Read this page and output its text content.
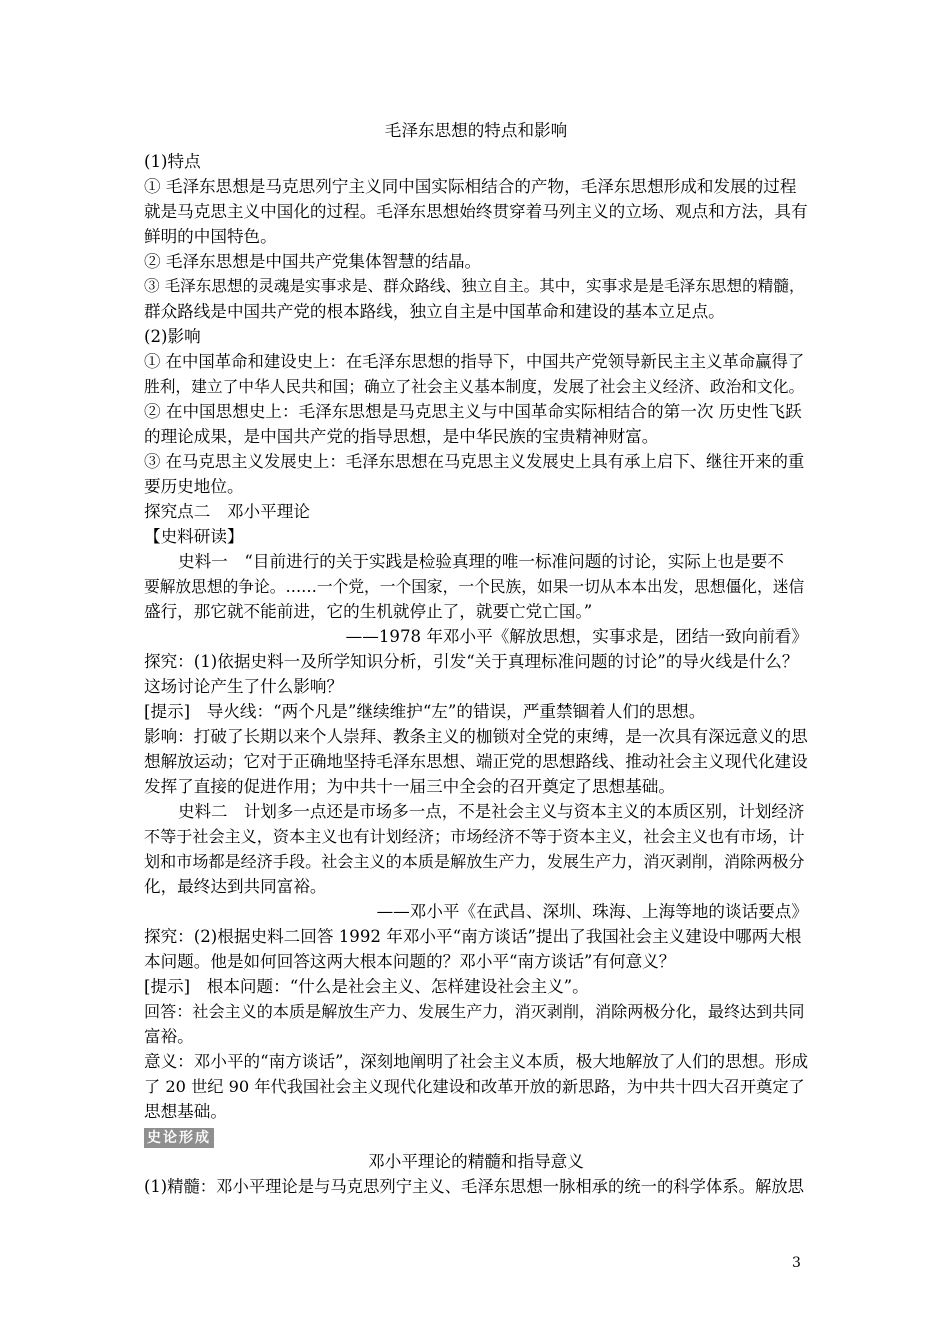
毛泽东思想的特点和影响
(1)特点
① 毛泽东思想是马克思列宁主义同中国实际相结合的产物，毛泽东思想形成和发展的过程
就是马克思主义中国化的过程。毛泽东思想始终贯穿着马列主义的立场、观点和方法，具有
鲜明的中国特色。
② 毛泽东思想是中国共产党集体智慧的结晶。
③ 毛泽东思想的灵魂是实事求是、群众路线、独立自主。其中，实事求是是毛泽东思想的精髓，
群众路线是中国共产党的根本路线，独立自主是中国革命和建设的基本立足点。
(2)影响
① 在中国革命和建设史上：在毛泽东思想的指导下，中国共产党领导新民主主义革命赢得了
胜利，建立了中华人民共和国；确立了社会主义基本制度，发展了社会主义经济、政治和文化。
② 在中国思想史上：毛泽东思想是马克思主义与中国革命实际相结合的第一次 历史性飞跃
的理论成果，是中国共产党的指导思想，是中华民族的宝贵精神财富。
③ 在马克思主义发展史上：毛泽东思想在马克思主义发展史上具有承上启下、继往开来的重
要历史地位。
探究点二　邓小平理论
【史料研读】
史料一　“目前进行的关于实践是检验真理的唯一标准问题的讨论，实际上也是要不
要解放思想的争论。……一个党，一个国家，一个民族，如果一切从本本出发，思想僵化，迷信
盛行，那它就不能前进，它的生机就停止了，就要亡党亡国。”
——1978 年邓小平《解放思想，实事求是，团结一致向前看》
探究：(1)依据史料一及所学知识分析，引发“关于真理标准问题的讨论”的导火线是什么？
这场讨论产生了什么影响？
[提示]　导火线：“两个凡是”继续维护“左”的错误，严重禁锢着人们的思想。
影响：打破了长期以来个人崇拜、教条主义的枷锁对全党的束缚，是一次具有深远意义的思
想解放运动；它对于正确地坚持毛泽东思想、端正党的思想路线、推动社会主义现代化建设
发挥了直接的促进作用；为中共十一届三中全会的召开奠定了思想基础。
史料二　计划多一点还是市场多一点，不是社会主义与资本主义的本质区别，计划经济
不等于社会主义，资本主义也有计划经济；市场经济不等于资本主义，社会主义也有市场，计
划和市场都是经济手段。社会主义的本质是解放生产力，发展生产力，消灭剥削，消除两极分
化，最终达到共同富裕。
——邓小平《在武昌、深圳、珠海、上海等地的谈话要点》
探究：(2)根据史料二回答 1992 年邓小平“南方谈话”提出了我国社会主义建设中哪两大根
本问题。他是如何回答这两大根本问题的？邓小平“南方谈话”有何意义？
[提示]　根本问题：“什么是社会主义、怎样建设社会主义”。
回答：社会主义的本质是解放生产力、发展生产力，消灭剥削，消除两极分化，最终达到共同
富裕。
意义：邓小平的“南方谈话”，深刻地阐明了社会主义本质，极大地解放了人们的思想。形成
了 20 世纪 90 年代我国社会主义现代化建设和改革开放的新思路，为中共十四大召开奠定了
思想基础。
史论形成
邓小平理论的精髓和指导意义
(1)精髓：邓小平理论是与马克思列宁主义、毛泽东思想一脉相承的统一的科学体系。解放思
3
